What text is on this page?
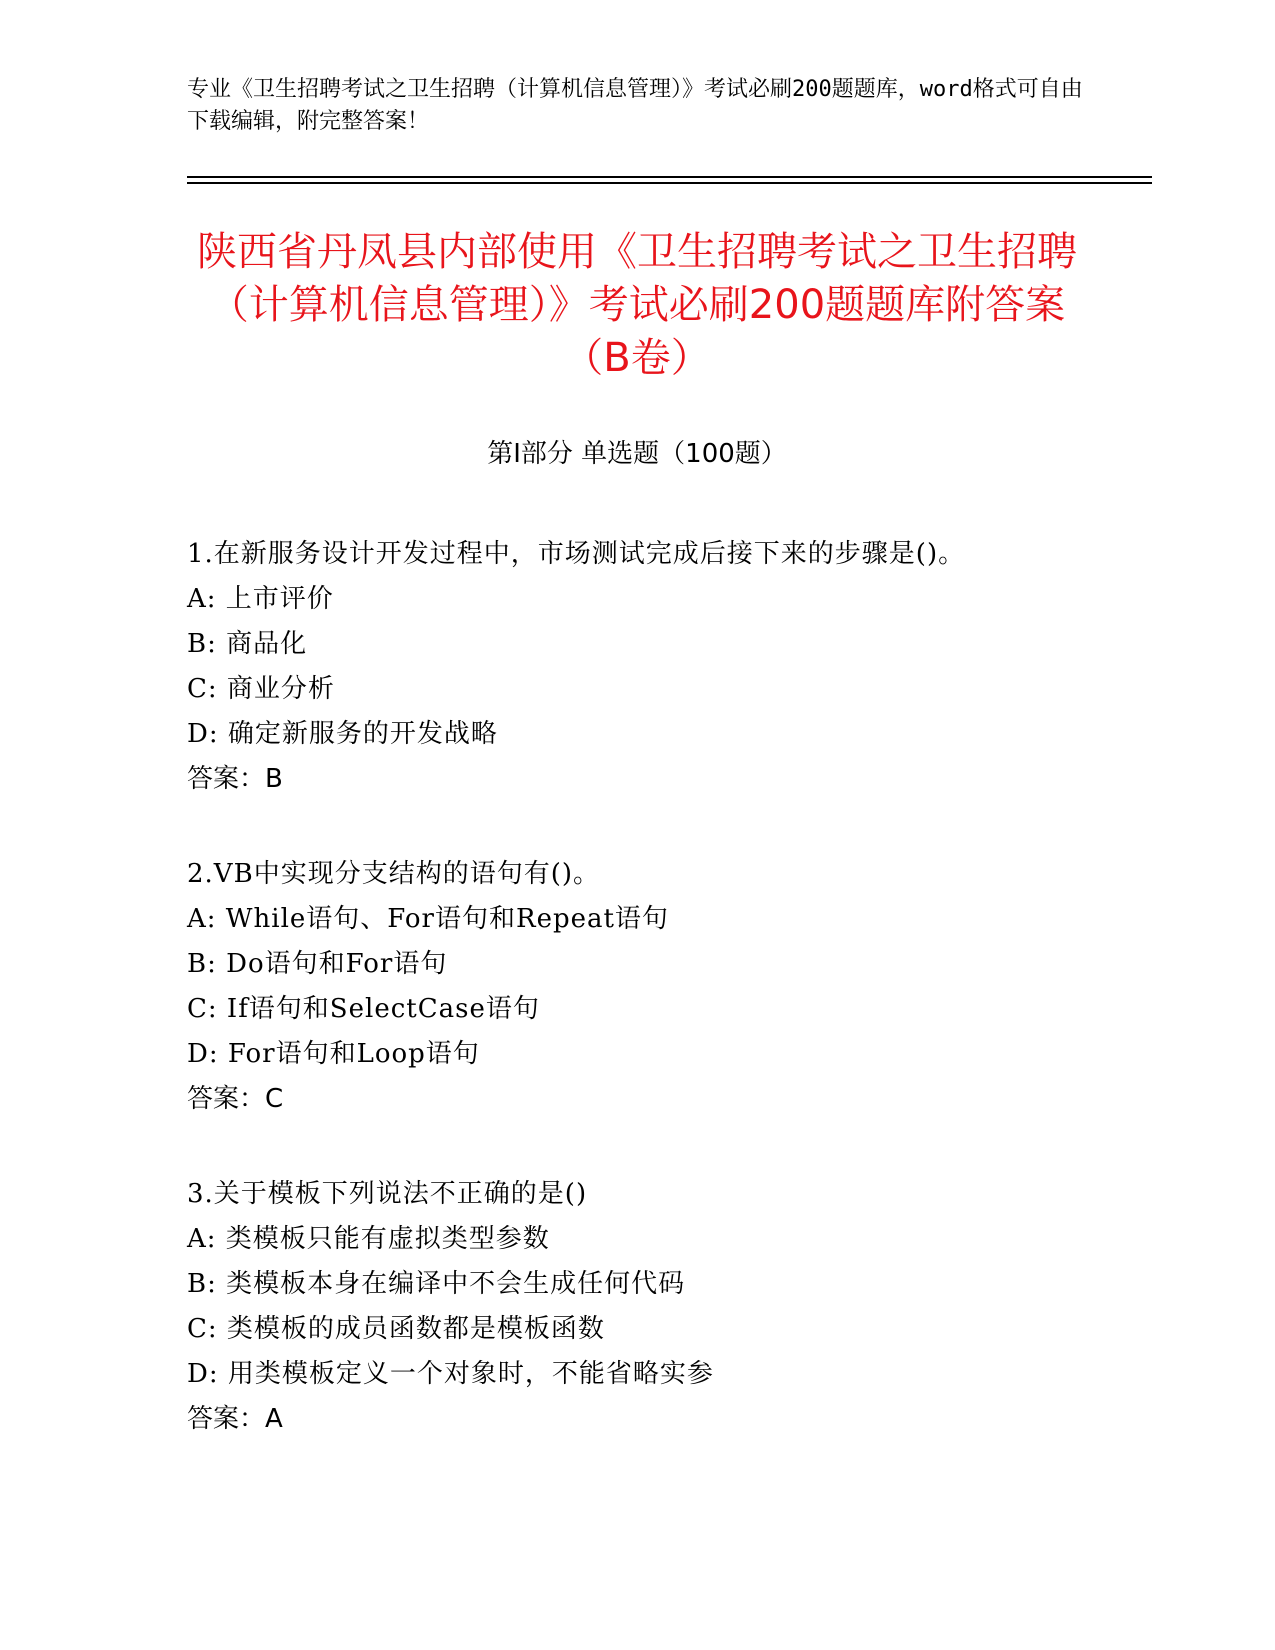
专业《卫生招聘考试之卫生招聘（计算机信息管理）》考试必刷200题题库，word格式可自由下载编辑，附完整答案！
陕西省丹凤县内部使用《卫生招聘考试之卫生招聘（计算机信息管理）》考试必刷200题题库附答案（B卷）
第Ⅰ部分 单选题（100题）
1.在新服务设计开发过程中，市场测试完成后接下来的步骤是()。
A: 上市评价
B: 商品化
C: 商业分析
D: 确定新服务的开发战略
答案：B
2.VB中实现分支结构的语句有()。
A: While语句、For语句和Repeat语句
B: Do语句和For语句
C: If语句和SelectCase语句
D: For语句和Loop语句
答案：C
3.关于模板下列说法不正确的是()
A: 类模板只能有虚拟类型参数
B: 类模板本身在编译中不会生成任何代码
C: 类模板的成员函数都是模板函数
D: 用类模板定义一个对象时，不能省略实参
答案：A
